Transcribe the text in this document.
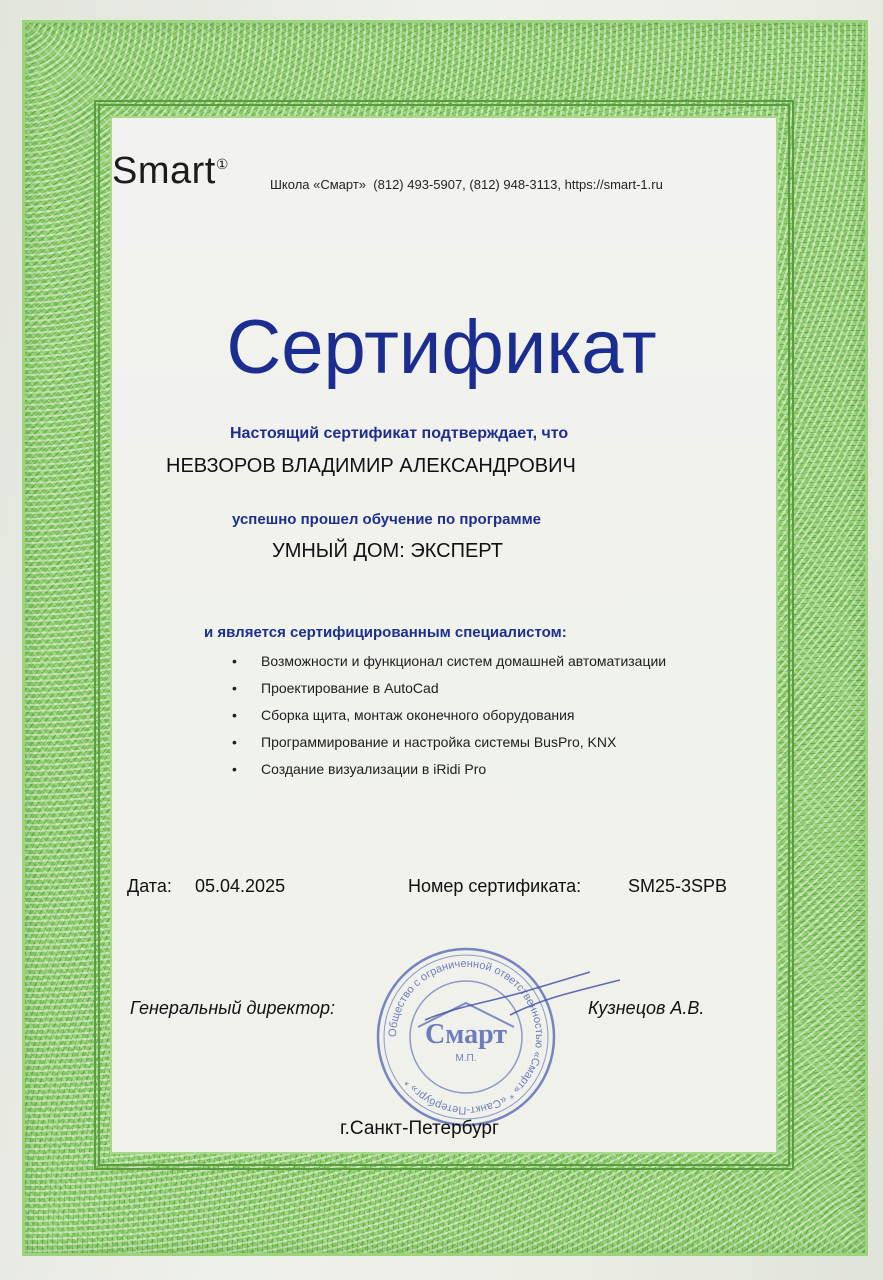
Smart①
Школа «Смарт» (812) 493-5907, (812) 948-3113, https://smart-1.ru
Сертификат
Настоящий сертификат подтверждает, что
НЕВЗОРОВ ВЛАДИМИР АЛЕКСАНДРОВИЧ
успешно прошел обучение по программе
УМНЫЙ ДОМ: ЭКСПЕРТ
и является сертифицированным специалистом:
• Возможности и функционал систем домашней автоматизации
• Проектирование в AutoCad
• Сборка щита, монтаж оконечного оборудования
• Программирование и настройка системы BusPro, KNX
• Создание визуализации в iRidi Pro
Дата: 05.04.2025	Номер сертификата:	SM25-3SPB
Генеральный директор:	Кузнецов А.В.
Общество с ограниченной ответственностью «Смарт» * «Санкт-Петербург» *
Смарт
М.П.
г.Санкт-Петербург
